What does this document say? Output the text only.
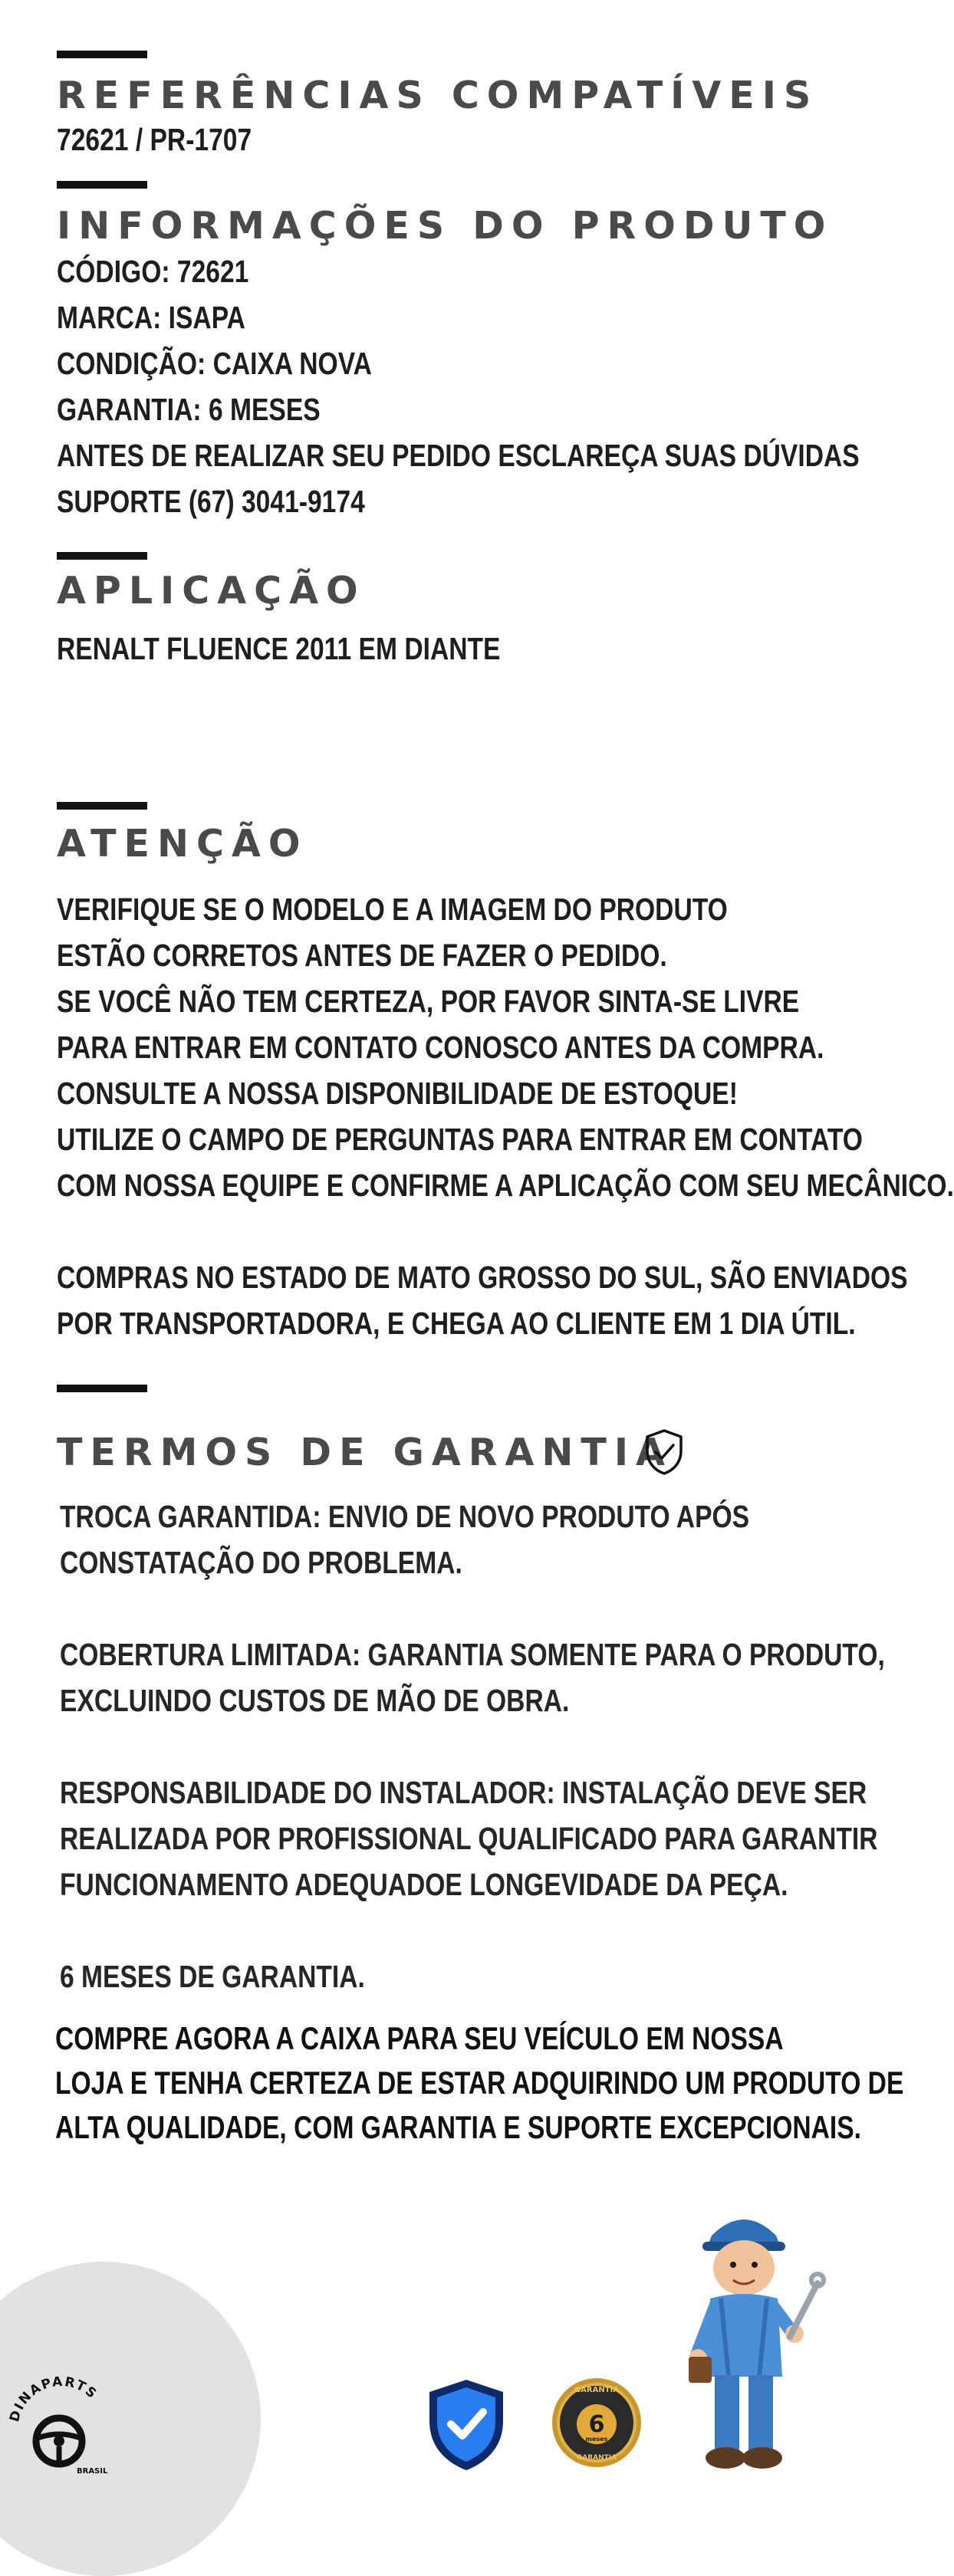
REFERÊNCIAS COMPATÍVEIS

72621 / PR-1707

INFORMAÇÕES DO PRODUTO

CÓDIGO: 72621

MARCA: ISAPA

CONDIÇÃO: CAIXA NOVA

GARANTIA: 6 MESES

ANTES DE REALIZAR SEU PEDIDO ESCLAREÇA SUAS DÚVIDAS

SUPORTE (67) 3041-9174

APLICAÇÃO

RENALT FLUENCE 2011 EM DIANTE

ATENÇÃO

VERIFIQUE SE O MODELO E A IMAGEM DO PRODUTO

ESTÃO CORRETOS ANTES DE FAZER O PEDIDO.

SE VOCÊ NÃO TEM CERTEZA, POR FAVOR SINTA-SE LIVRE

PARA ENTRAR EM CONTATO CONOSCO ANTES DA COMPRA.

CONSULTE A NOSSA DISPONIBILIDADE DE ESTOQUE!

UTILIZE O CAMPO DE PERGUNTAS PARA ENTRAR EM CONTATO

COM NOSSA EQUIPE E CONFIRME A APLICAÇÃO COM SEU MECÂNICO.

COMPRAS NO ESTADO DE MATO GROSSO DO SUL, SÃO ENVIADOS

POR TRANSPORTADORA, E CHEGA AO CLIENTE EM 1 DIA ÚTIL.

TERMOS DE GARANTIA

TROCA GARANTIDA: ENVIO DE NOVO PRODUTO APÓS

CONSTATAÇÃO DO PROBLEMA.

COBERTURA LIMITADA: GARANTIA SOMENTE PARA O PRODUTO,

EXCLUINDO CUSTOS DE MÃO DE OBRA.

RESPONSABILIDADE DO INSTALADOR: INSTALAÇÃO DEVE SER

REALIZADA POR PROFISSIONAL QUALIFICADO PARA GARANTIR

FUNCIONAMENTO ADEQUADOE LONGEVIDADE DA PEÇA.

6 MESES DE GARANTIA.

COMPRE AGORA A CAIXA PARA SEU VEÍCULO EM NOSSA

LOJA E TENHA CERTEZA DE ESTAR ADQUIRINDO UM PRODUTO DE

ALTA QUALIDADE, COM GARANTIA E SUPORTE EXCEPCIONAIS.

DINAPARTS
BRASIL
GARANTIA
6
meses
GARANTIA
